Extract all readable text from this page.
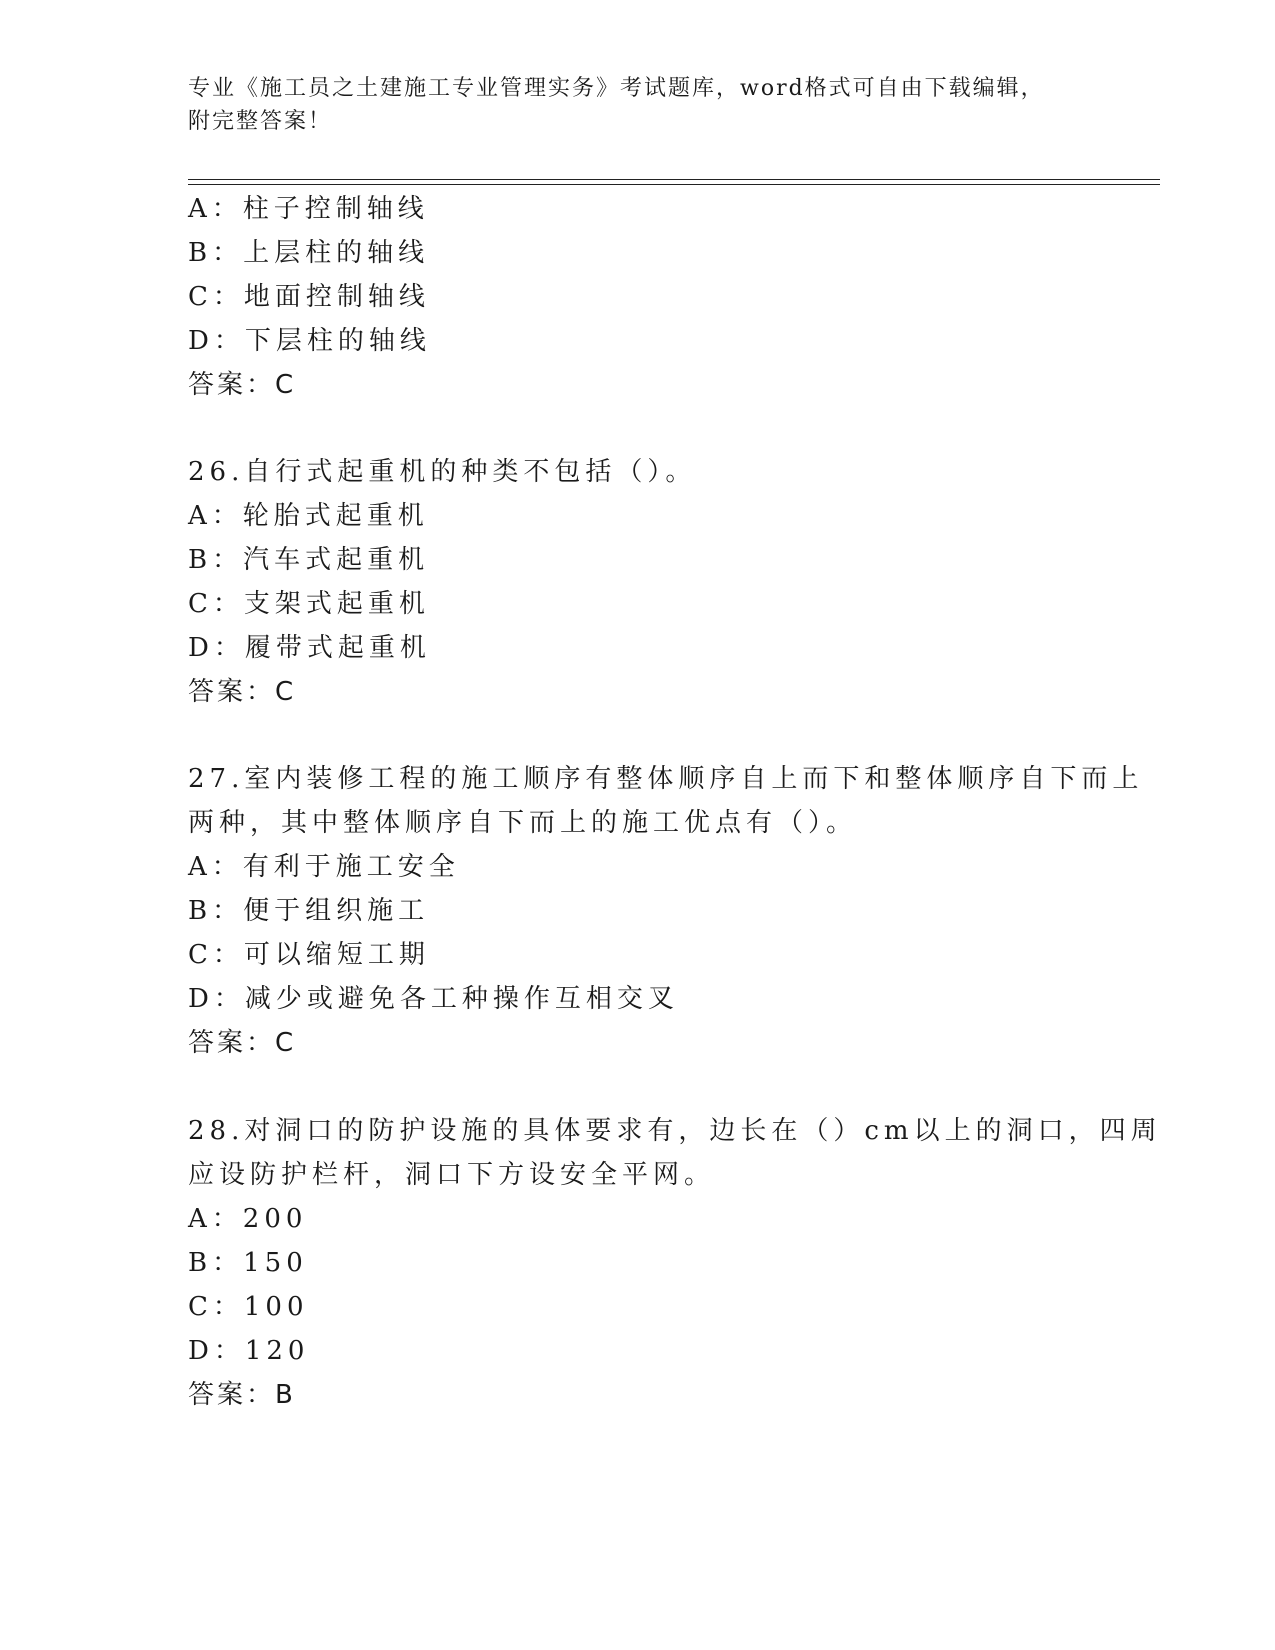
专业《施工员之土建施工专业管理实务》考试题库，word格式可自由下载编辑，
附完整答案！
A：柱子控制轴线
B：上层柱的轴线
C：地面控制轴线
D：下层柱的轴线
答案：C
26.自行式起重机的种类不包括（）。
A：轮胎式起重机
B：汽车式起重机
C：支架式起重机
D：履带式起重机
答案：C
27.室内装修工程的施工顺序有整体顺序自上而下和整体顺序自下而上
两种，其中整体顺序自下而上的施工优点有（）。
A：有利于施工安全
B：便于组织施工
C：可以缩短工期
D：减少或避免各工种操作互相交叉
答案：C
28.对洞口的防护设施的具体要求有，边长在（）cm以上的洞口，四周
应设防护栏杆，洞口下方设安全平网。
A：200
B：150
C：100
D：120
答案：B
